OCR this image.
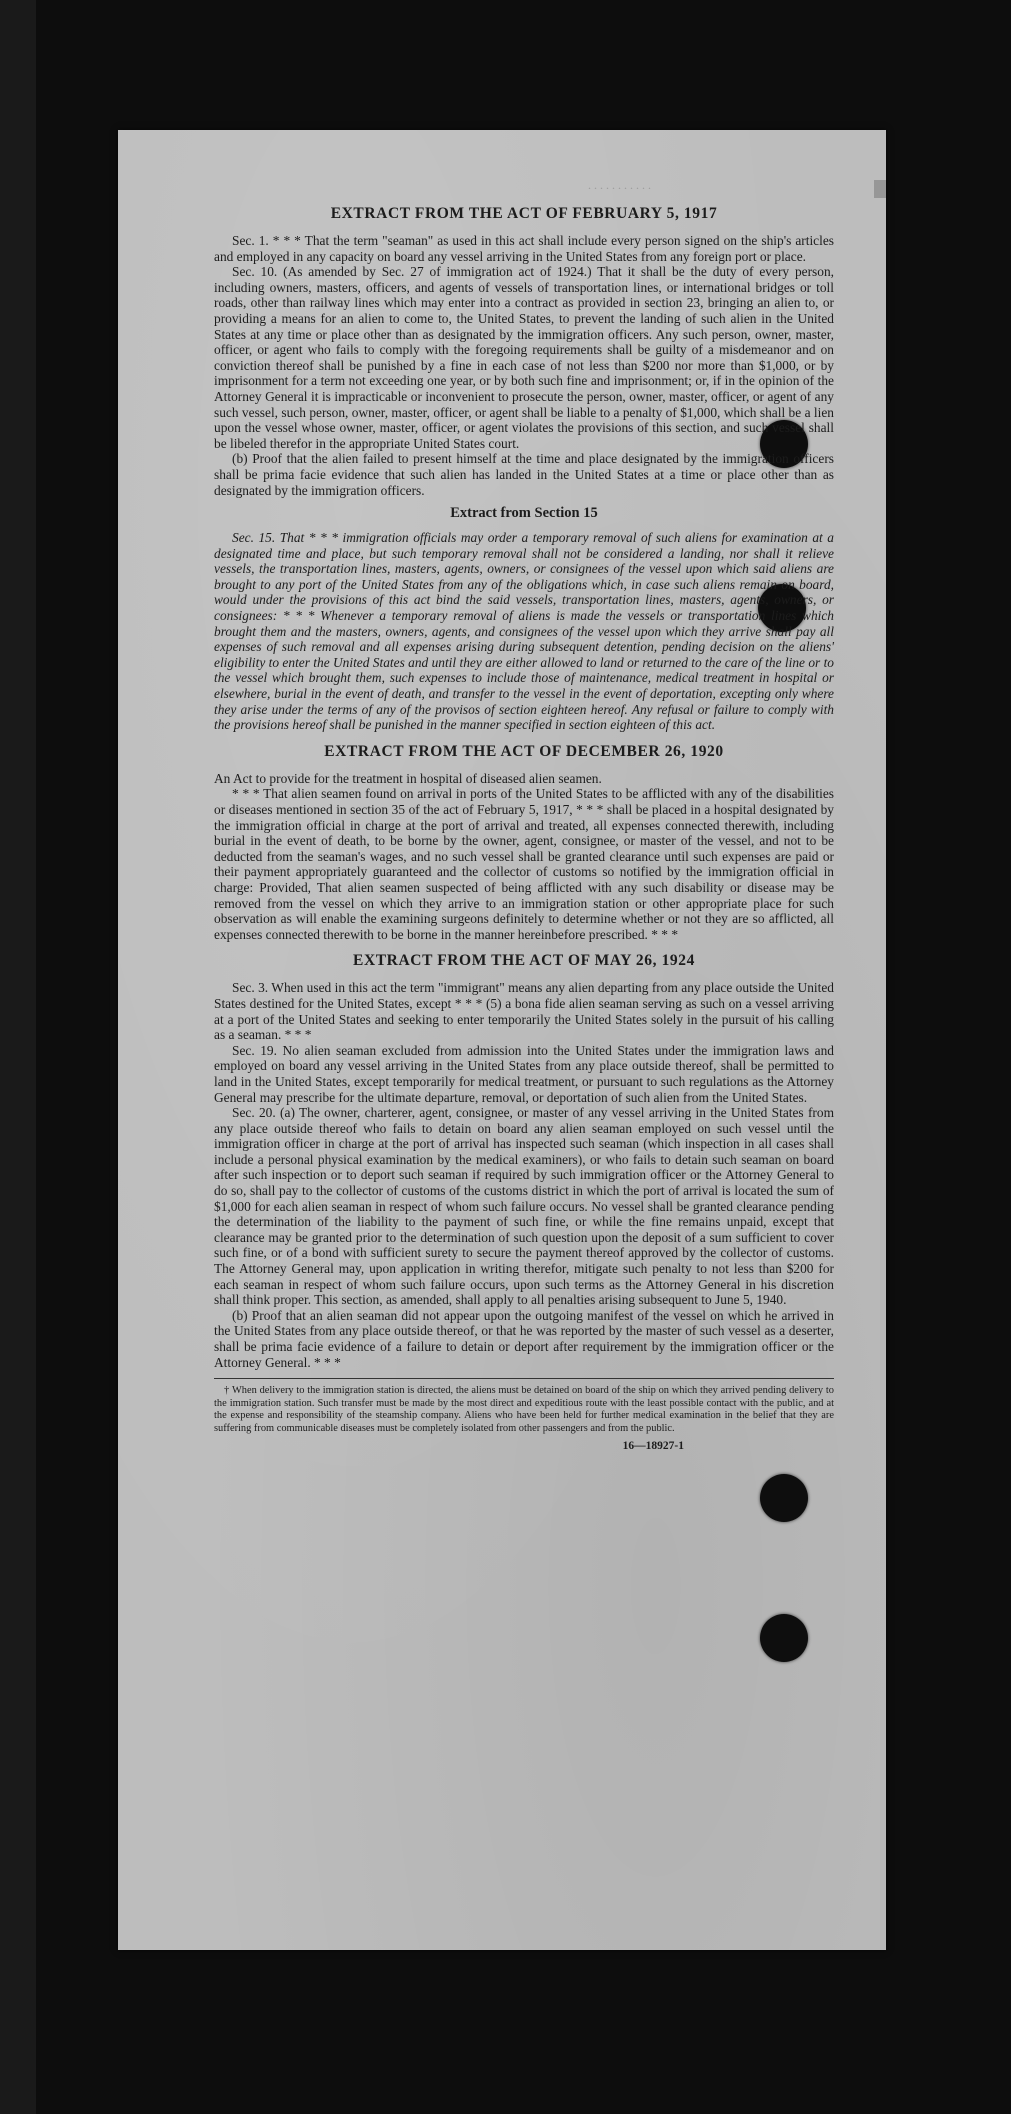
. . . . . . . . . . .
EXTRACT FROM THE ACT OF FEBRUARY 5, 1917

Sec. 1. * * * That the term "seaman" as used in this act shall include every person signed on the ship's articles and employed in any capacity on board any vessel arriving in the United States from any foreign port or place.

Sec. 10. (As amended by Sec. 27 of immigration act of 1924.) That it shall be the duty of every person, including owners, masters, officers, and agents of vessels of transportation lines, or international bridges or toll roads, other than railway lines which may enter into a contract as provided in section 23, bringing an alien to, or providing a means for an alien to come to, the United States, to prevent the landing of such alien in the United States at any time or place other than as designated by the immigration officers. Any such person, owner, master, officer, or agent who fails to comply with the foregoing requirements shall be guilty of a misdemeanor and on conviction thereof shall be punished by a fine in each case of not less than $200 nor more than $1,000, or by imprisonment for a term not exceeding one year, or by both such fine and imprisonment; or, if in the opinion of the Attorney General it is impracticable or inconvenient to prosecute the person, owner, master, officer, or agent of any such vessel, such person, owner, master, officer, or agent shall be liable to a penalty of $1,000, which shall be a lien upon the vessel whose owner, master, officer, or agent violates the provisions of this section, and such vessel shall be libeled therefor in the appropriate United States court.

(b) Proof that the alien failed to present himself at the time and place designated by the immigration officers shall be prima facie evidence that such alien has landed in the United States at a time or place other than as designated by the immigration officers.

Extract from Section 15

Sec. 15. That * * * immigration officials may order a temporary removal of such aliens for examination at a designated time and place, but such temporary removal shall not be considered a landing, nor shall it relieve vessels, the transportation lines, masters, agents, owners, or consignees of the vessel upon which said aliens are brought to any port of the United States from any of the obligations which, in case such aliens remain on board, would under the provisions of this act bind the said vessels, transportation lines, masters, agents, owners, or consignees: * * * Whenever a temporary removal of aliens is made the vessels or transportation lines which brought them and the masters, owners, agents, and consignees of the vessel upon which they arrive shall pay all expenses of such removal and all expenses arising during subsequent detention, pending decision on the aliens' eligibility to enter the United States and until they are either allowed to land or returned to the care of the line or to the vessel which brought them, such expenses to include those of maintenance, medical treatment in hospital or elsewhere, burial in the event of death, and transfer to the vessel in the event of deportation, excepting only where they arise under the terms of any of the provisos of section eighteen hereof. Any refusal or failure to comply with the provisions hereof shall be punished in the manner specified in section eighteen of this act.

EXTRACT FROM THE ACT OF DECEMBER 26, 1920

An Act to provide for the treatment in hospital of diseased alien seamen.

* * * That alien seamen found on arrival in ports of the United States to be afflicted with any of the disabilities or diseases mentioned in section 35 of the act of February 5, 1917, * * * shall be placed in a hospital designated by the immigration official in charge at the port of arrival and treated, all expenses connected therewith, including burial in the event of death, to be borne by the owner, agent, consignee, or master of the vessel, and not to be deducted from the seaman's wages, and no such vessel shall be granted clearance until such expenses are paid or their payment appropriately guaranteed and the collector of customs so notified by the immigration official in charge: Provided, That alien seamen suspected of being afflicted with any such disability or disease may be removed from the vessel on which they arrive to an immigration station or other appropriate place for such observation as will enable the examining surgeons definitely to determine whether or not they are so afflicted, all expenses connected therewith to be borne in the manner hereinbefore prescribed. * * *

EXTRACT FROM THE ACT OF MAY 26, 1924

Sec. 3. When used in this act the term "immigrant" means any alien departing from any place outside the United States destined for the United States, except * * * (5) a bona fide alien seaman serving as such on a vessel arriving at a port of the United States and seeking to enter temporarily the United States solely in the pursuit of his calling as a seaman. * * *

Sec. 19. No alien seaman excluded from admission into the United States under the immigration laws and employed on board any vessel arriving in the United States from any place outside thereof, shall be permitted to land in the United States, except temporarily for medical treatment, or pursuant to such regulations as the Attorney General may prescribe for the ultimate departure, removal, or deportation of such alien from the United States.

Sec. 20. (a) The owner, charterer, agent, consignee, or master of any vessel arriving in the United States from any place outside thereof who fails to detain on board any alien seaman employed on such vessel until the immigration officer in charge at the port of arrival has inspected such seaman (which inspection in all cases shall include a personal physical examination by the medical examiners), or who fails to detain such seaman on board after such inspection or to deport such seaman if required by such immigration officer or the Attorney General to do so, shall pay to the collector of customs of the customs district in which the port of arrival is located the sum of $1,000 for each alien seaman in respect of whom such failure occurs. No vessel shall be granted clearance pending the determination of the liability to the payment of such fine, or while the fine remains unpaid, except that clearance may be granted prior to the determination of such question upon the deposit of a sum sufficient to cover such fine, or of a bond with sufficient surety to secure the payment thereof approved by the collector of customs. The Attorney General may, upon application in writing therefor, mitigate such penalty to not less than $200 for each seaman in respect of whom such failure occurs, upon such terms as the Attorney General in his discretion shall think proper. This section, as amended, shall apply to all penalties arising subsequent to June 5, 1940.

(b) Proof that an alien seaman did not appear upon the outgoing manifest of the vessel on which he arrived in the United States from any place outside thereof, or that he was reported by the master of such vessel as a deserter, shall be prima facie evidence of a failure to detain or deport after requirement by the immigration officer or the Attorney General. * * *

† When delivery to the immigration station is directed, the aliens must be detained on board of the ship on which they arrived pending delivery to the immigration station. Such transfer must be made by the most direct and expeditious route with the least possible contact with the public, and at the expense and responsibility of the steamship company. Aliens who have been held for further medical examination in the belief that they are suffering from communicable diseases must be completely isolated from other passengers and from the public.

16—18927-1
